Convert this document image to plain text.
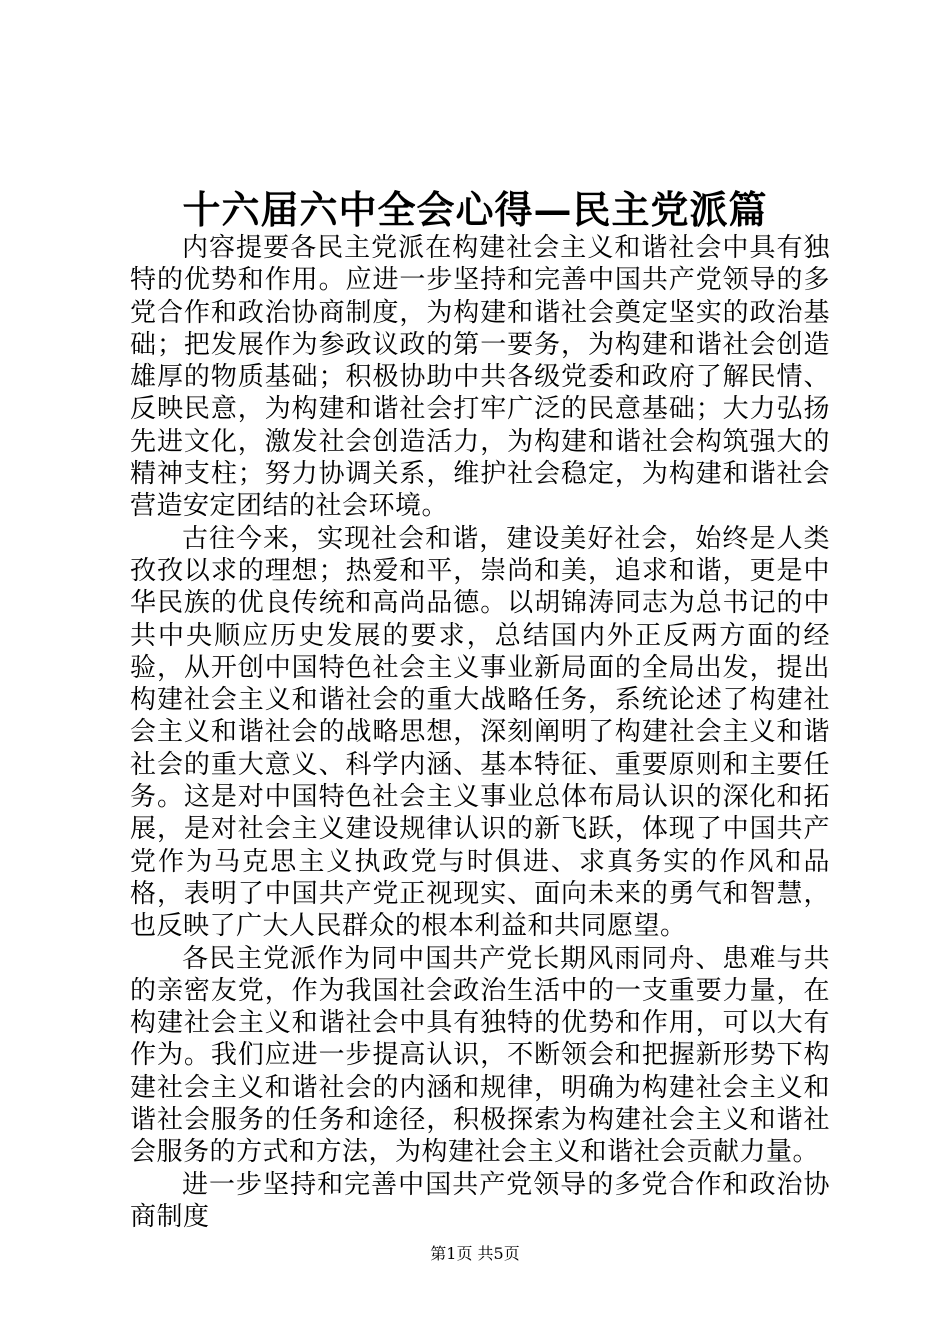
十六届六中全会心得—民主党派篇

内容提要各民主党派在构建社会主义和谐社会中具有独特的优势和作用。应进一步坚持和完善中国共产党领导的多党合作和政治协商制度，为构建和谐社会奠定坚实的政治基础；把发展作为参政议政的第一要务，为构建和谐社会创造雄厚的物质基础；积极协助中共各级党委和政府了解民情、反映民意，为构建和谐社会打牢广泛的民意基础；大力弘扬先进文化，激发社会创造活力，为构建和谐社会构筑强大的精神支柱；努力协调关系，维护社会稳定，为构建和谐社会营造安定团结的社会环境。

古往今来，实现社会和谐，建设美好社会，始终是人类孜孜以求的理想；热爱和平，崇尚和美，追求和谐，更是中华民族的优良传统和高尚品德。以胡锦涛同志为总书记的中共中央顺应历史发展的要求，总结国内外正反两方面的经验，从开创中国特色社会主义事业新局面的全局出发，提出构建社会主义和谐社会的重大战略任务，系统论述了构建社会主义和谐社会的战略思想，深刻阐明了构建社会主义和谐社会的重大意义、科学内涵、基本特征、重要原则和主要任务。这是对中国特色社会主义事业总体布局认识的深化和拓展，是对社会主义建设规律认识的新飞跃，体现了中国共产党作为马克思主义执政党与时俱进、求真务实的作风和品格，表明了中国共产党正视现实、面向未来的勇气和智慧，也反映了广大人民群众的根本利益和共同愿望。

各民主党派作为同中国共产党长期风雨同舟、患难与共的亲密友党，作为我国社会政治生活中的一支重要力量，在构建社会主义和谐社会中具有独特的优势和作用，可以大有作为。我们应进一步提高认识，不断领会和把握新形势下构建社会主义和谐社会的内涵和规律，明确为构建社会主义和谐社会服务的任务和途径，积极探索为构建社会主义和谐社会服务的方式和方法，为构建社会主义和谐社会贡献力量。

进一步坚持和完善中国共产党领导的多党合作和政治协商制度

第1页 共5页
